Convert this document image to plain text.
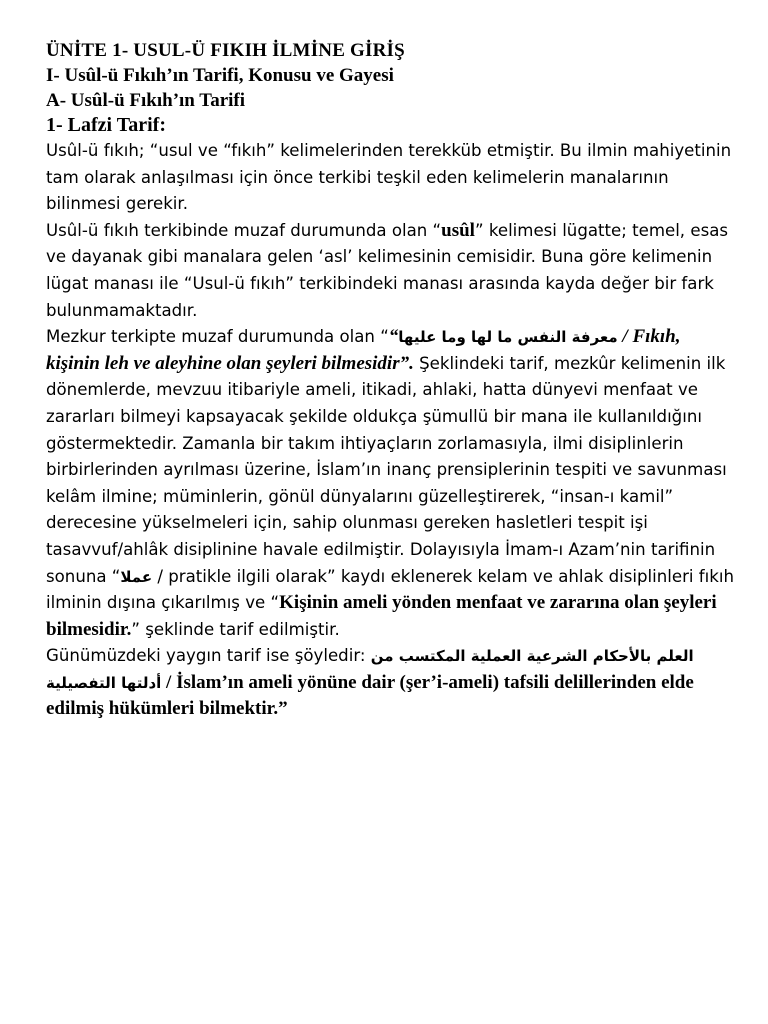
ÜNİTE 1- USUL-Ü FIKIH İLMİNE GİRİŞ

I- Usûl-ü Fıkıh’ın Tarifi, Konusu ve Gayesi

A- Usûl-ü Fıkıh’ın Tarifi

1- Lafzi Tarif:

Usûl-ü fıkıh; “usul ve “fıkıh” kelimelerinden terekküb etmiştir. Bu ilmin mahiyetinin tam olarak anlaşılması için önce terkibi teşkil eden kelimelerin manalarının bilinmesi gerekir.

Usûl-ü fıkıh terkibinde muzaf durumunda olan “usûl” kelimesi lügatte; temel, esas ve dayanak gibi manalara gelen ‘asl’ kelimesinin cemisidir. Buna göre kelimenin lügat manası ile “Usul-ü fıkıh” terkibindeki manası arasında kayda değer bir fark bulunmamaktadır.

Mezkur terkipte muzaf durumunda olan ““معرفة النفس ما لها وما عليها / Fıkıh, kişinin leh ve aleyhine olan şeyleri bilmesidir”. Şeklindeki tarif, mezkûr kelimenin ilk dönemlerde, mevzuu itibariyle ameli, itikadi, ahlaki, hatta dünyevi menfaat ve zararları bilmeyi kapsayacak şekilde oldukça şümullü bir mana ile kullanıldığını göstermektedir. Zamanla bir takım ihtiyaçların zorlamasıyla, ilmi disiplinlerin birbirlerinden ayrılması üzerine, İslam’ın inanç prensiplerinin tespiti ve savunması kelâm ilmine; müminlerin, gönül dünyalarını güzelleştirerek, “insan-ı kamil” derecesine yükselmeleri için, sahip olunması gereken hasletleri tespit işi tasavvuf/ahlâk disiplinine havale edilmiştir. Dolayısıyla İmam-ı Azam’nin tarifinin sonuna “عملا / pratikle ilgili olarak” kaydı eklenerek kelam ve ahlak disiplinleri fıkıh ilminin dışına çıkarılmış ve “Kişinin ameli yönden menfaat ve zararına olan şeyleri bilmesidir.” şeklinde tarif edilmiştir.

Günümüzdeki yaygın tarif ise şöyledir: العلم بالأحكام الشرعية العملية المكتسب من أدلتها التفصيلية / İslam’ın ameli yönüne dair (şer’i-ameli) tafsili delillerinden elde edilmiş hükümleri bilmektir.”
